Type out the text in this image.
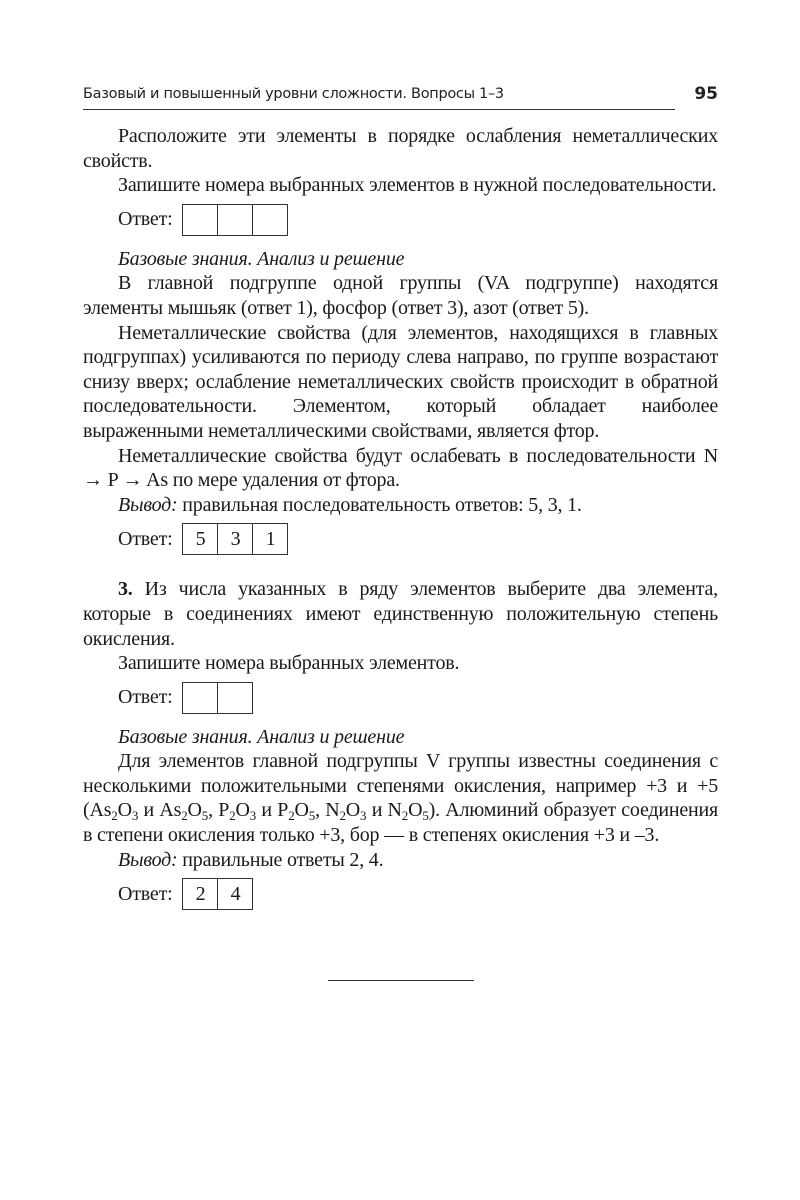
Базовый и повышенный уровни сложности. Вопросы 1–3	95

Расположите эти элементы в порядке ослабления неметаллических свойств.

Запишите номера выбранных элементов в нужной последовательности.

Ответ:

Базовые знания. Анализ и решение

В главной подгруппе одной группы (VA подгруппе) находятся элементы мышьяк (ответ 1), фосфор (ответ 3), азот (ответ 5).

Неметаллические свойства (для элементов, находящихся в главных подгруппах) усиливаются по периоду слева направо, по группе возрастают снизу вверх; ослабление неметаллических свойств происходит в обратной последовательности. Элементом, который обладает наиболее выраженными неметаллическими свойствами, является фтор.

Неметаллические свойства будут ослабевать в последовательности N → P → As по мере удаления от фтора.

Вывод: правильная последовательность ответов: 5, 3, 1.

Ответ:	5	3	1

3. Из числа указанных в ряду элементов выберите два элемента, которые в соединениях имеют единственную положительную степень окисления.

Запишите номера выбранных элементов.

Ответ:

Базовые знания. Анализ и решение

Для элементов главной подгруппы V группы известны соединения с несколькими положительными степенями окисления, например +3 и +5 ($As_2O_3$ и $As_2O_5$, $P_2O_3$ и $P_2O_5$, $N_2O_3$ и $N_2O_5$). Алюминий образует соединения в степени окисления только +3, бор — в степенях окисления +3 и –3.

Вывод: правильные ответы 2, 4.

Ответ:	2	4
